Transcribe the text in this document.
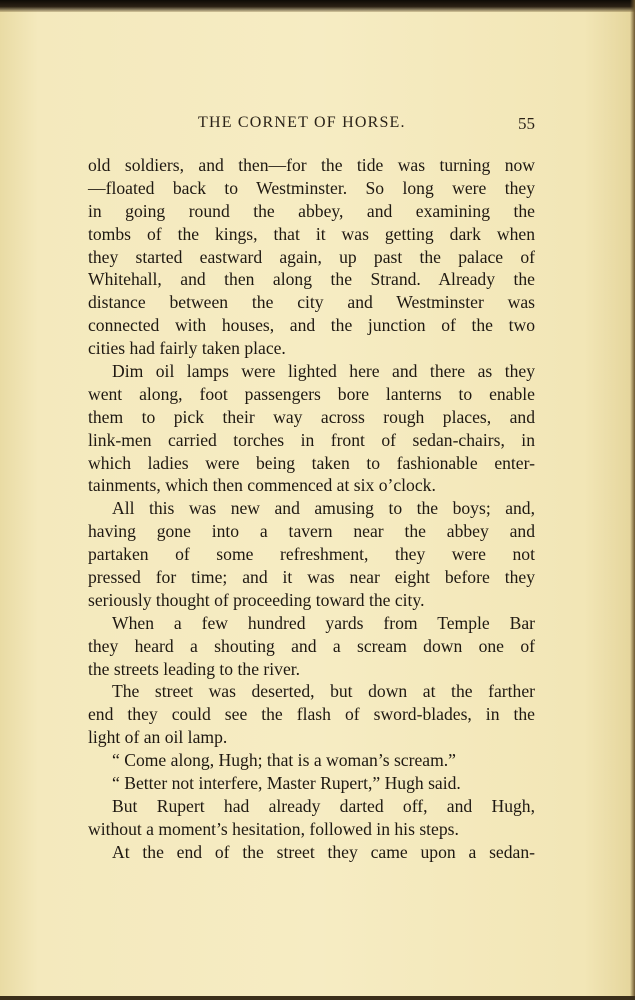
THE CORNET OF HORSE.	55
old soldiers, and then—for the tide was turning now
—floated back to Westminster. So long were they
in going round the abbey, and examining the
tombs of the kings, that it was getting dark when
they started eastward again, up past the palace of
Whitehall, and then along the Strand. Already the
distance between the city and Westminster was
connected with houses, and the junction of the two
cities had fairly taken place.
Dim oil lamps were lighted here and there as they
went along, foot passengers bore lanterns to enable
them to pick their way across rough places, and
link-men carried torches in front of sedan-chairs, in
which ladies were being taken to fashionable enter-
tainments, which then commenced at six o’clock.
All this was new and amusing to the boys; and,
having gone into a tavern near the abbey and
partaken of some refreshment, they were not
pressed for time; and it was near eight before they
seriously thought of proceeding toward the city.
When a few hundred yards from Temple Bar
they heard a shouting and a scream down one of
the streets leading to the river.
The street was deserted, but down at the farther
end they could see the flash of sword-blades, in the
light of an oil lamp.
“ Come along, Hugh; that is a woman’s scream.”
“ Better not interfere, Master Rupert,” Hugh said.
But Rupert had already darted off, and Hugh,
without a moment’s hesitation, followed in his steps.
At the end of the street they came upon a sedan-
